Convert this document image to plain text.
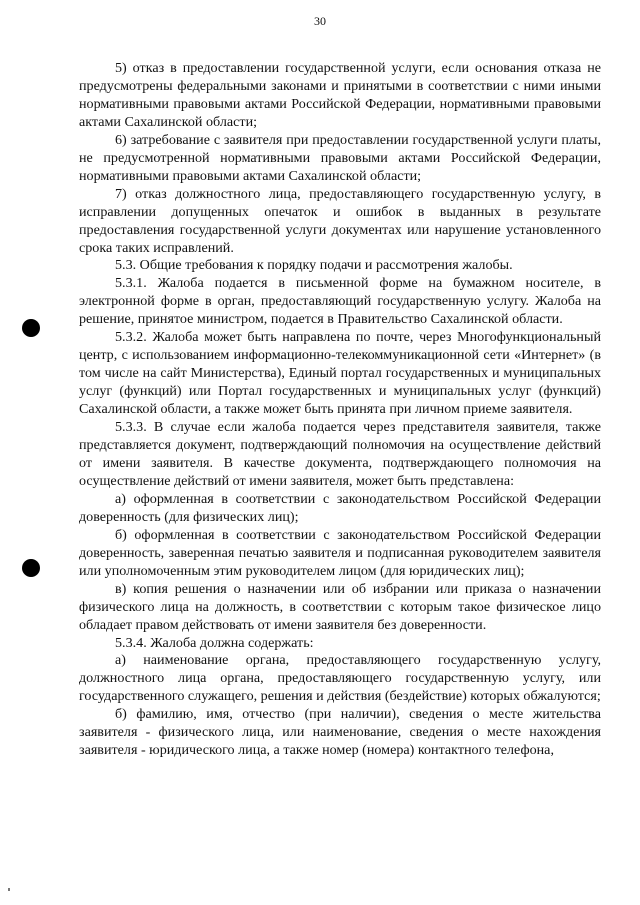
30

5) отказ в предоставлении государственной услуги, если основания отказа не предусмотрены федеральными законами и принятыми в соответствии с ними иными нормативными правовыми актами Российской Федерации, нормативными правовыми актами Сахалинской области;

6) затребование с заявителя при предоставлении государственной услуги платы, не предусмотренной нормативными правовыми актами Российской Федерации, нормативными правовыми актами Сахалинской области;

7) отказ должностного лица, предоставляющего государственную услугу, в исправлении допущенных опечаток и ошибок в выданных в результате предоставления государственной услуги документах или нарушение установленного срока таких исправлений.

5.3. Общие требования к порядку подачи и рассмотрения жалобы.

5.3.1. Жалоба подается в письменной форме на бумажном носителе, в электронной форме в орган, предоставляющий государственную услугу. Жалоба на решение, принятое министром, подается в Правительство Сахалинской области.

5.3.2. Жалоба может быть направлена по почте, через Многофункциональный центр, с использованием информационно-телекоммуникационной сети «Интернет» (в том числе на сайт Министерства), Единый портал государственных и муниципальных услуг (функций) или Портал государственных и муниципальных услуг (функций) Сахалинской области, а также может быть принята при личном приеме заявителя.

5.3.3. В случае если жалоба подается через представителя заявителя, также представляется документ, подтверждающий полномочия на осуществление действий от имени заявителя. В качестве документа, подтверждающего полномочия на осуществление действий от имени заявителя, может быть представлена:

а) оформленная в соответствии с законодательством Российской Федерации доверенность (для физических лиц);

б) оформленная в соответствии с законодательством Российской Федерации доверенность, заверенная печатью заявителя и подписанная руководителем заявителя или уполномоченным этим руководителем лицом (для юридических лиц);

в) копия решения о назначении или об избрании или приказа о назначении физического лица на должность, в соответствии с которым такое физическое лицо обладает правом действовать от имени заявителя без доверенности.

5.3.4. Жалоба должна содержать:

а) наименование органа, предоставляющего государственную услугу, должностного лица органа, предоставляющего государственную услугу, или государственного служащего, решения и действия (бездействие) которых обжалуются;

б) фамилию, имя, отчество (при наличии), сведения о месте жительства заявителя - физического лица, или наименование, сведения о месте нахождения заявителя - юридического лица, а также номер (номера) контактного телефона,
